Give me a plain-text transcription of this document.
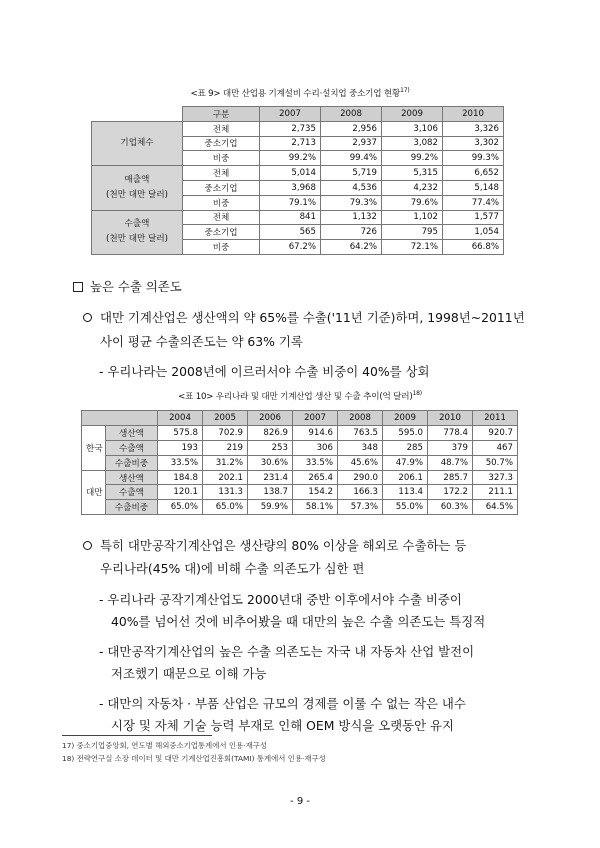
<표 9> 대만 산업용 기계설비 수리·설치업 중소기업 현황$^{17)}$
	구분	2007	2008	2009	2010
기업체수	전체	2,735	2,956	3,106	3,326
	중소기업	2,713	2,937	3,082	3,302
	비중	99.2%	99.4%	99.2%	99.3%
매출액
(천만 대만 달러)	전체	5,014	5,719	5,315	6,652
	중소기업	3,968	4,536	4,232	5,148
	비중	79.1%	79.3%	79.6%	77.4%
수출액
(천만 대만 달러)	전체	841	1,132	1,102	1,577
	중소기업	565	726	795	1,054
	비중	67.2%	64.2%	72.1%	66.8%
높은 수출 의존도
대만 기계산업은 생산액의 약 65%를 수출('11년 기준)하며, 1998년~2011년
사이 평균 수출의존도는 약 63% 기록
- 우리나라는 2008년에 이르러서야 수출 비중이 40%를 상회
<표 10> 우리나라 및 대만 기계산업 생산 및 수출 추이(억 달러)$^{18)}$
		2004	2005	2006	2007	2008	2009	2010	2011
한국	생산액	575.8	702.9	826.9	914.6	763.5	595.0	778.4	920.7
	수출액	193	219	253	306	348	285	379	467
	수출비중	33.5%	31.2%	30.6%	33.5%	45.6%	47.9%	48.7%	50.7%
대만	생산액	184.8	202.1	231.4	265.4	290.0	206.1	285.7	327.3
	수출액	120.1	131.3	138.7	154.2	166.3	113.4	172.2	211.1
	수출비중	65.0%	65.0%	59.9%	58.1%	57.3%	55.0%	60.3%	64.5%
특히 대만공작기계산업은 생산량의 80% 이상을 해외로 수출하는 등
우리나라(45% 대)에 비해 수출 의존도가 심한 편
- 우리나라 공작기계산업도 2000년대 중반 이후에서야 수출 비중이
40%를 넘어선 것에 비추어봤을 때 대만의 높은 수출 의존도는 특징적
- 대만공작기계산업의 높은 수출 의존도는 자국 내 자동차 산업 발전이
저조했기 때문으로 이해 가능
- 대만의 자동차 · 부품 산업은 규모의 경제를 이룰 수 없는 작은 내수
시장 및 자체 기술 능력 부재로 인해 OEM 방식을 오랫동안 유지
17) 중소기업중앙회, 연도별 해외중소기업통계에서 인용·재구성
18) 전략연구실 소장 데이터 및 대만 기계산업진흥회(TAMI) 통계에서 인용·재구성
- 9 -
